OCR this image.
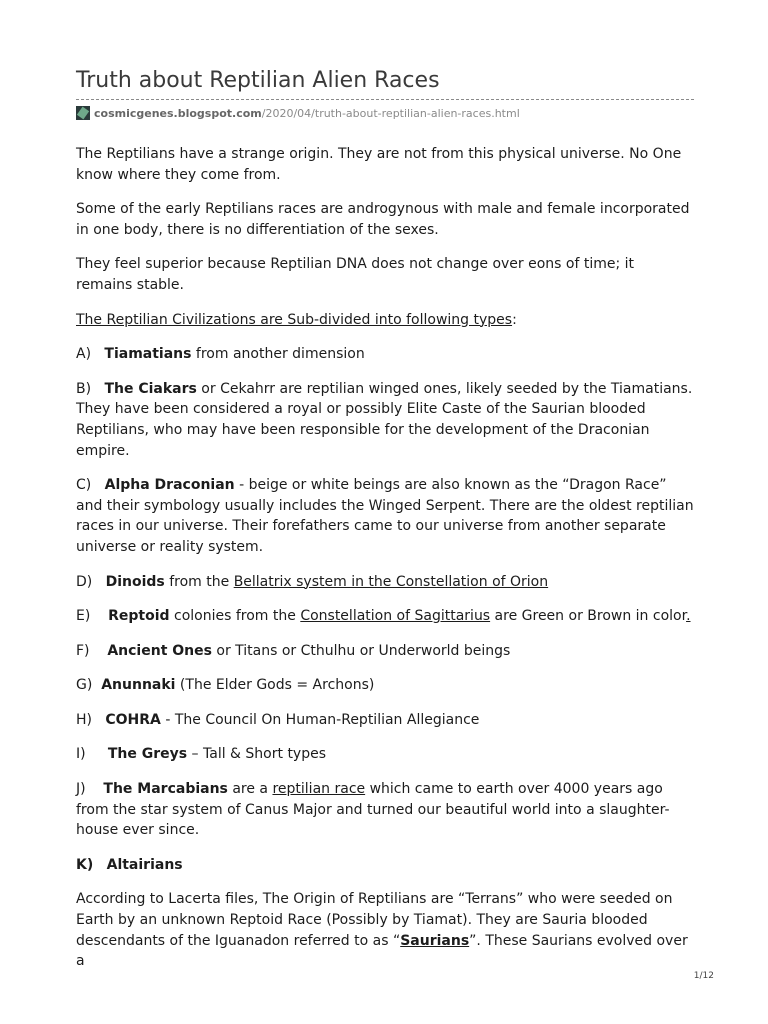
Truth about Reptilian Alien Races
cosmicgenes.blogspot.com/2020/04/truth-about-reptilian-alien-races.html

The Reptilians have a strange origin. They are not from this physical universe. No One know where they come from.

Some of the early Reptilians races are androgynous with male and female incorporated in one body, there is no differentiation of the sexes.

They feel superior because Reptilian DNA does not change over eons of time; it remains stable.

The Reptilian Civilizations are Sub-divided into following types:

A) Tiamatians from another dimension

B) The Ciakars or Cekahrr are reptilian winged ones, likely seeded by the Tiamatians. They have been considered a royal or possibly Elite Caste of the Saurian blooded Reptilians, who may have been responsible for the development of the Draconian empire.

C) Alpha Draconian - beige or white beings are also known as the “Dragon Race” and their symbology usually includes the Winged Serpent. There are the oldest reptilian races in our universe. Their forefathers came to our universe from another separate universe or reality system.

D) Dinoids from the Bellatrix system in the Constellation of Orion

E) Reptoid colonies from the Constellation of Sagittarius are Green or Brown in color.

F) Ancient Ones or Titans or Cthulhu or Underworld beings

G) Anunnaki (The Elder Gods = Archons)

H) COHRA - The Council On Human-Reptilian Allegiance

I) The Greys – Tall & Short types

J) The Marcabians are a reptilian race which came to earth over 4000 years ago from the star system of Canus Major and turned our beautiful world into a slaughter-house ever since.

K) Altairians

According to Lacerta files, The Origin of Reptilians are “Terrans” who were seeded on Earth by an unknown Reptoid Race (Possibly by Tiamat). They are Sauria blooded descendants of the Iguanadon referred to as “Saurians”. These Saurians evolved over a

1/12
